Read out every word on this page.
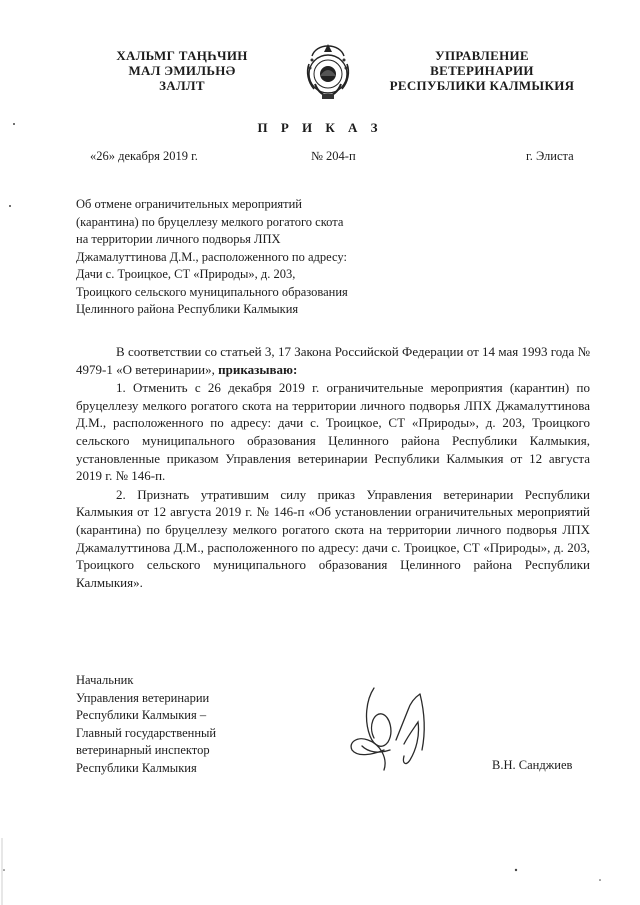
ХАЛЬМГ ТАҢҺЧИН
МАЛ ЭМИЛЬНӘ
ЗАЛЛТ
УПРАВЛЕНИЕ
ВЕТЕРИНАРИИ
РЕСПУБЛИКИ КАЛМЫКИЯ
П Р И К А З
«26» декабря 2019 г.	№ 204-п	г. Элиста
Об отмене ограничительных мероприятий
(карантина) по бруцеллезу мелкого рогатого скота
на территории личного подворья ЛПХ
Джамалуттинова Д.М., расположенного по адресу:
Дачи с. Троицкое, СТ «Природы», д. 203,
Троицкого сельского муниципального образования
Целинного района Республики Калмыкия

В соответствии со статьей 3, 17 Закона Российской Федерации от 14 мая 1993 года № 4979-1 «О ветеринарии», приказываю:

1. Отменить с 26 декабря 2019 г. ограничительные мероприятия (карантин) по бруцеллезу мелкого рогатого скота на территории личного подворья ЛПХ Джамалуттинова Д.М., расположенного по адресу: дачи с. Троицкое, СТ «Природы», д. 203, Троицкого сельского муниципального образования Целинного района Республики Калмыкия, установленные приказом Управления ветеринарии Республики Калмыкия от 12 августа 2019 г. № 146-п.

2. Признать утратившим силу приказ Управления ветеринарии Республики Калмыкия от 12 августа 2019 г. № 146-п «Об установлении ограничительных мероприятий (карантина) по бруцеллезу мелкого рогатого скота на территории личного подворья ЛПХ Джамалуттинова Д.М., расположенного по адресу: дачи с. Троицкое, СТ «Природы», д. 203, Троицкого сельского муниципального образования Целинного района Республики Калмыкия».

Начальник
Управления ветеринарии
Республики Калмыкия –
Главный государственный
ветеринарный инспектор
Республики Калмыкия	В.Н. Санджиев
